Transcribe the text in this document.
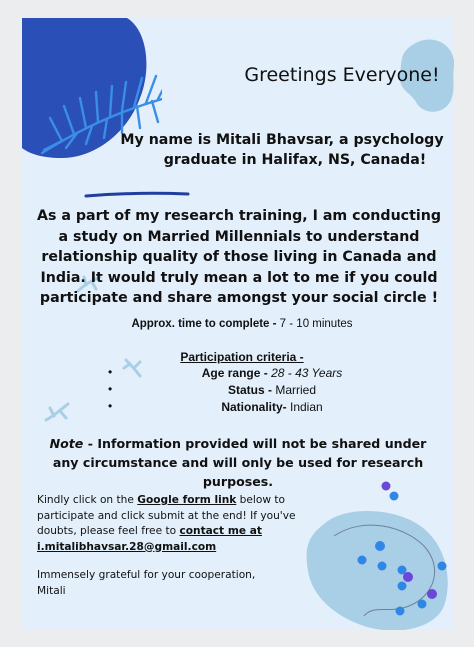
Greetings Everyone!
My name is Mitali Bhavsar, a psychology
graduate in Halifax, NS, Canada!
As a part of my research training, I am conducting a study on Married Millennials to understand relationship quality of those living in Canada and India. It would truly mean a lot to me if you could participate and share amongst your social circle !
Approx. time to complete - 7 - 10 minutes
Participation criteria -
•	Age range - 28 - 43 Years
•	Status - Married
•	Nationality- Indian
Note - Information provided will not be shared under any circumstance and will only be used for research purposes.
Kindly click on the Google form link below to participate and click submit at the end! If you've doubts, please feel free to contact me at
i.mitalibhavsar.28@gmail.com
Immensely grateful for your cooperation,
Mitali
